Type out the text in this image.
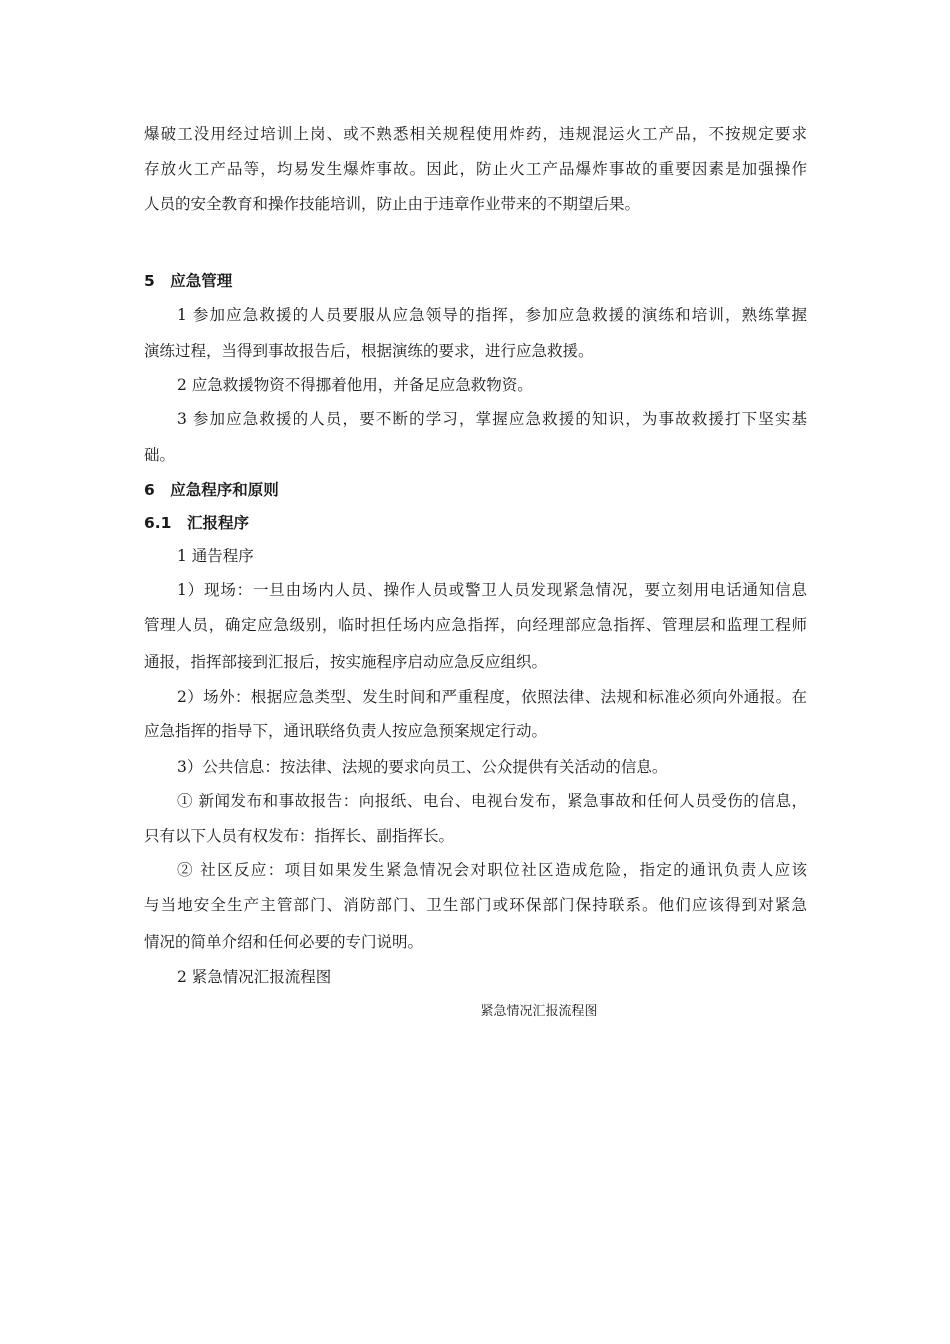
爆破工没用经过培训上岗、或不熟悉相关规程使用炸药，违规混运火工产品，不按规定要求
存放火工产品等，均易发生爆炸事故。因此，防止火工产品爆炸事故的重要因素是加强操作
人员的安全教育和操作技能培训，防止由于违章作业带来的不期望后果。
5　应急管理
1 参加应急救援的人员要服从应急领导的指挥，参加应急救援的演练和培训，熟练掌握
演练过程，当得到事故报告后，根据演练的要求，进行应急救援。
2 应急救援物资不得挪着他用，并备足应急救物资。
3 参加应急救援的人员，要不断的学习，掌握应急救援的知识，为事故救援打下坚实基
础。
6　应急程序和原则
6.1　汇报程序
1 通告程序
1）现场：一旦由场内人员、操作人员或警卫人员发现紧急情况，要立刻用电话通知信息
管理人员，确定应急级别，临时担任场内应急指挥，向经理部应急指挥、管理层和监理工程师
通报，指挥部接到汇报后，按实施程序启动应急反应组织。
2）场外：根据应急类型、发生时间和严重程度，依照法律、法规和标准必须向外通报。在
应急指挥的指导下，通讯联络负责人按应急预案规定行动。
3）公共信息：按法律、法规的要求向员工、公众提供有关活动的信息。
① 新闻发布和事故报告：向报纸、电台、电视台发布，紧急事故和任何人员受伤的信息，
只有以下人员有权发布：指挥长、副指挥长。
② 社区反应：项目如果发生紧急情况会对职位社区造成危险，指定的通讯负责人应该
与当地安全生产主管部门、消防部门、卫生部门或环保部门保持联系。他们应该得到对紧急
情况的简单介绍和任何必要的专门说明。
2 紧急情况汇报流程图
紧急情况汇报流程图
